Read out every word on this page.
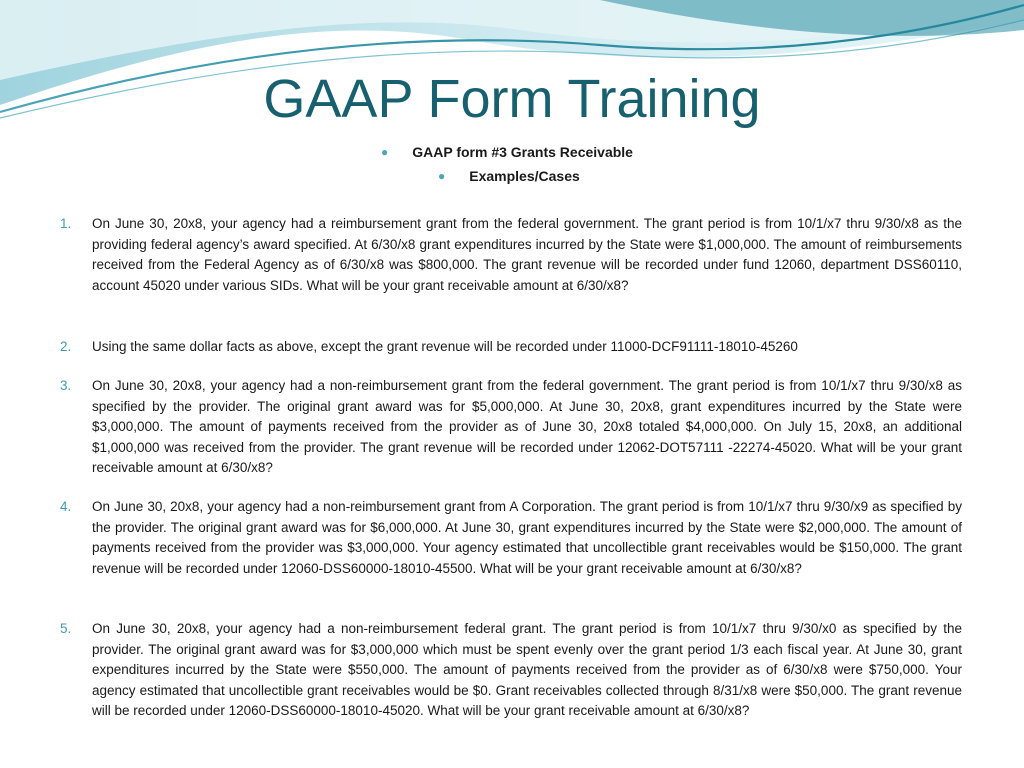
GAAP Form Training
● GAAP form #3 Grants Receivable
● Examples/Cases
1.	On June 30, 20x8, your agency had a reimbursement grant from the federal government. The grant period is from 10/1/x7 thru 9/30/x8 as the providing federal agency’s award specified. At 6/30/x8 grant expenditures incurred by the State were $1,000,000. The amount of reimbursements received from the Federal Agency as of 6/30/x8 was $800,000. The grant revenue will be recorded under fund 12060, department DSS60110, account 45020 under various SIDs. What will be your grant receivable amount at 6/30/x8?
2.	Using the same dollar facts as above, except the grant revenue will be recorded under 11000-DCF91111-18010-45260
3.	On June 30, 20x8, your agency had a non-reimbursement grant from the federal government. The grant period is from 10/1/x7 thru 9/30/x8 as specified by the provider. The original grant award was for $5,000,000. At June 30, 20x8, grant expenditures incurred by the State were $3,000,000. The amount of payments received from the provider as of June 30, 20x8 totaled $4,000,000. On July 15, 20x8, an additional $1,000,000 was received from the provider. The grant revenue will be recorded under 12062-DOT57111 -22274-45020. What will be your grant receivable amount at 6/30/x8?
4.	On June 30, 20x8, your agency had a non-reimbursement grant from A Corporation. The grant period is from 10/1/x7 thru 9/30/x9 as specified by the provider. The original grant award was for $6,000,000. At June 30, grant expenditures incurred by the State were $2,000,000. The amount of payments received from the provider was $3,000,000. Your agency estimated that uncollectible grant receivables would be $150,000. The grant revenue will be recorded under 12060-DSS60000-18010-45500. What will be your grant receivable amount at 6/30/x8?
5.	On June 30, 20x8, your agency had a non-reimbursement federal grant. The grant period is from 10/1/x7 thru 9/30/x0 as specified by the provider. The original grant award was for $3,000,000 which must be spent evenly over the grant period 1/3 each fiscal year. At June 30, grant expenditures incurred by the State were $550,000. The amount of payments received from the provider as of 6/30/x8 were $750,000. Your agency estimated that uncollectible grant receivables would be $0. Grant receivables collected through 8/31/x8 were $50,000. The grant revenue will be recorded under 12060-DSS60000-18010-45020. What will be your grant receivable amount at 6/30/x8?
